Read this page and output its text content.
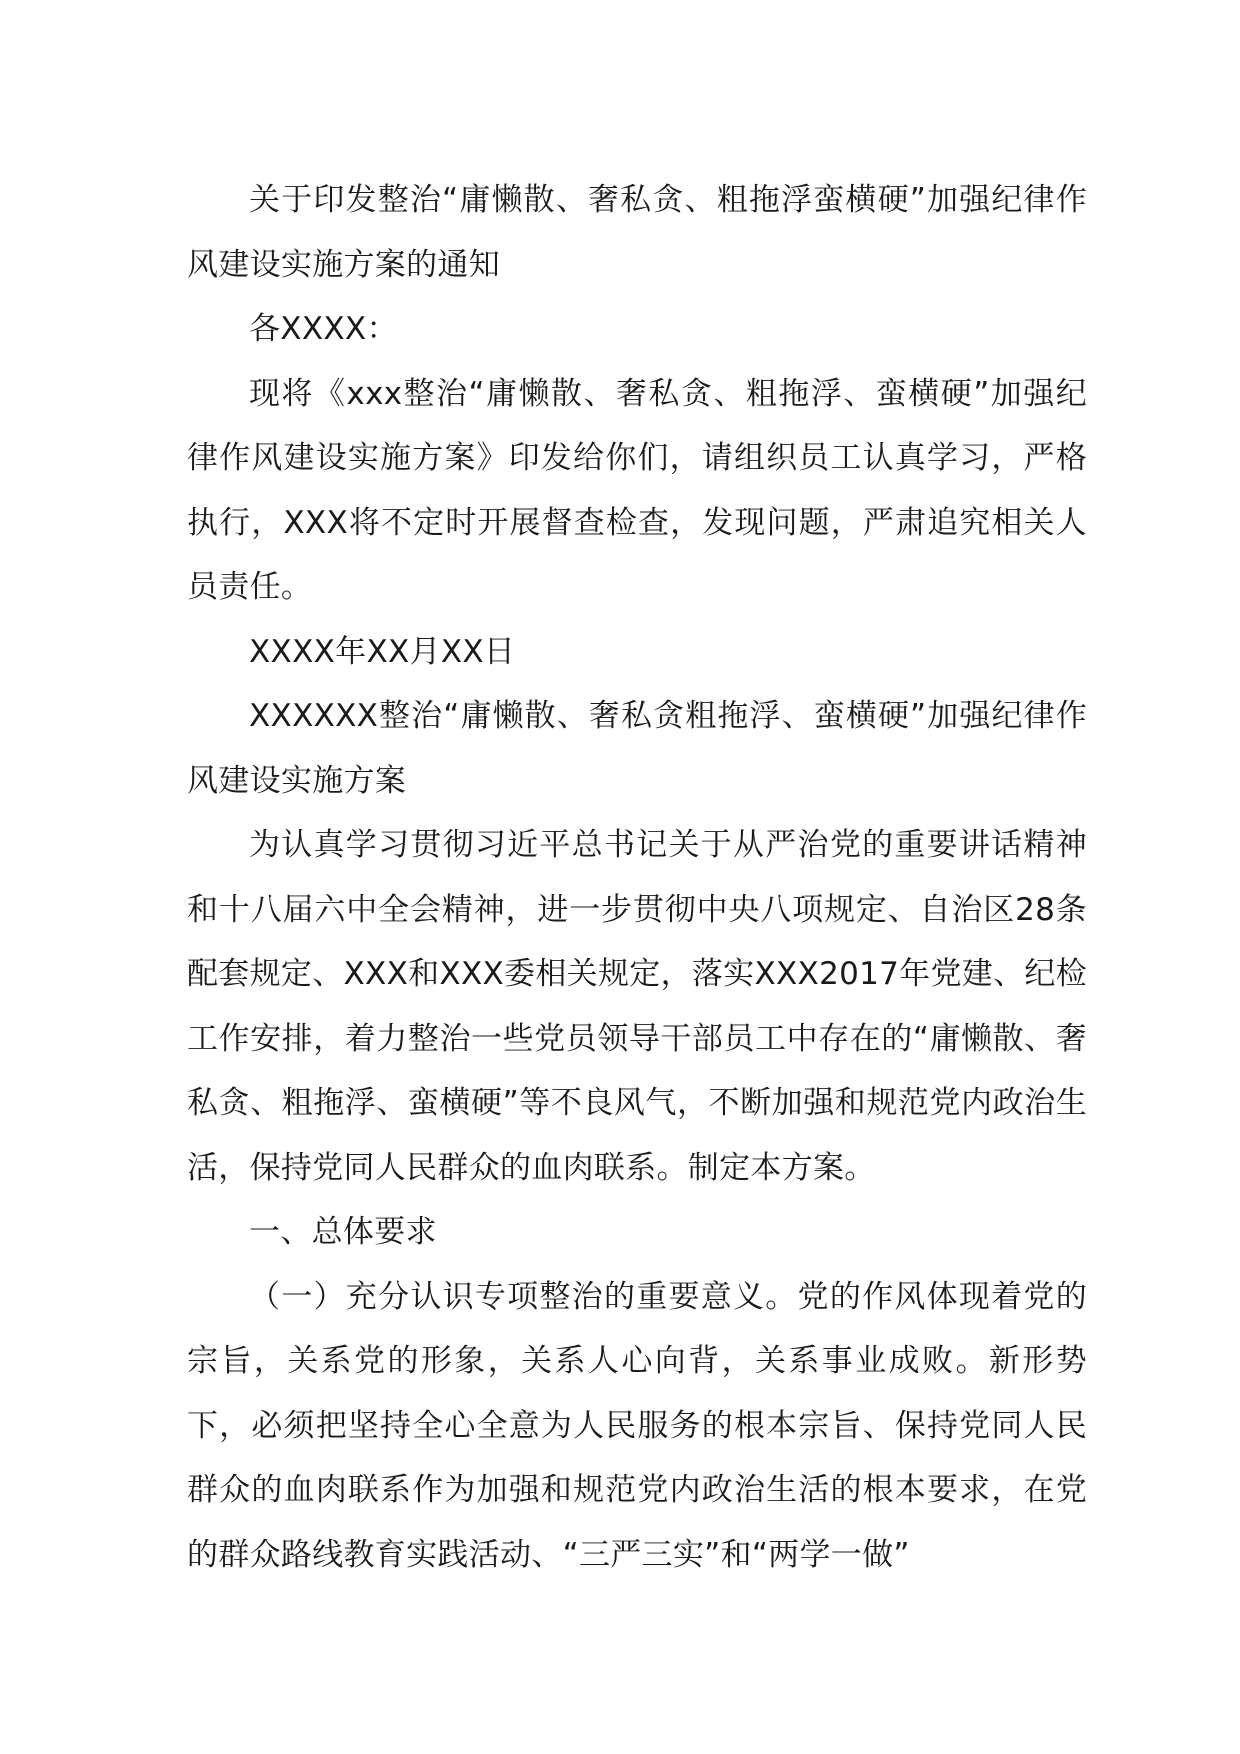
关于印发整治“庸懒散、奢私贪、粗拖浮蛮横硬”加强纪律作风建设实施方案的通知

各XXXX：

现将《xxx整治“庸懒散、奢私贪、粗拖浮、蛮横硬”加强纪律作风建设实施方案》印发给你们，请组织员工认真学习，严格执行，XXX将不定时开展督查检查，发现问题，严肃追究相关人员责任。

XXXX年XX月XX日

XXXXXX整治“庸懒散、奢私贪粗拖浮、蛮横硬”加强纪律作风建设实施方案

为认真学习贯彻习近平总书记关于从严治党的重要讲话精神和十八届六中全会精神，进一步贯彻中央八项规定、自治区28条配套规定、XXX和XXX委相关规定，落实XXX2017年党建、纪检工作安排，着力整治一些党员领导干部员工中存在的“庸懒散、奢私贪、粗拖浮、蛮横硬”等不良风气，不断加强和规范党内政治生活，保持党同人民群众的血肉联系。制定本方案。

一、总体要求

（一）充分认识专项整治的重要意义。党的作风体现着党的宗旨，关系党的形象，关系人心向背，关系事业成败。新形势下，必须把坚持全心全意为人民服务的根本宗旨、保持党同人民群众的血肉联系作为加强和规范党内政治生活的根本要求，在党的群众路线教育实践活动、“三严三实”和“两学一做”
